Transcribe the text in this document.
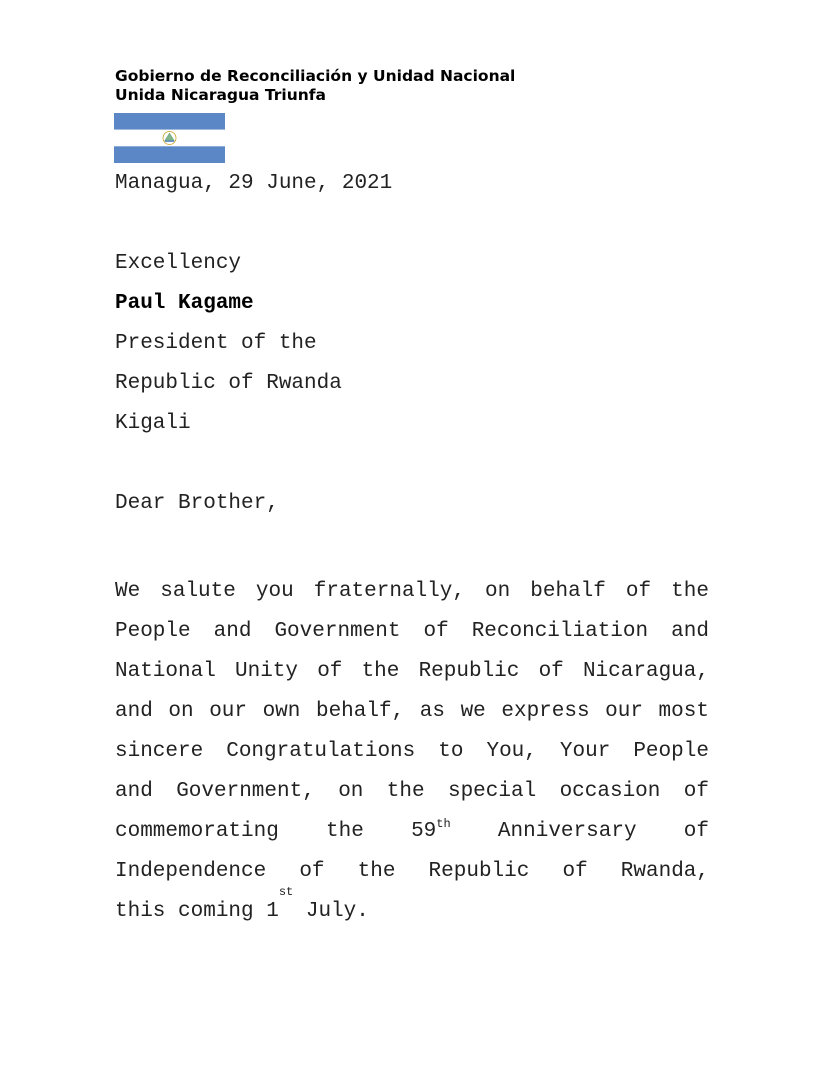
Gobierno de Reconciliación y Unidad Nacional
Unida Nicaragua Triunfa
Managua, 29 June, 2021
Excellency
Paul Kagame
President of the
Republic of Rwanda
Kigali
Dear Brother,
We salute you fraternally, on behalf of the
People and Government of Reconciliation and
National Unity of the Republic of Nicaragua,
and on our own behalf, as we express our most
sincere Congratulations to You, Your People
and Government, on the special occasion of
commemorating the 59th Anniversary of
Independence of the Republic of Rwanda,
this coming 1
st
July.
